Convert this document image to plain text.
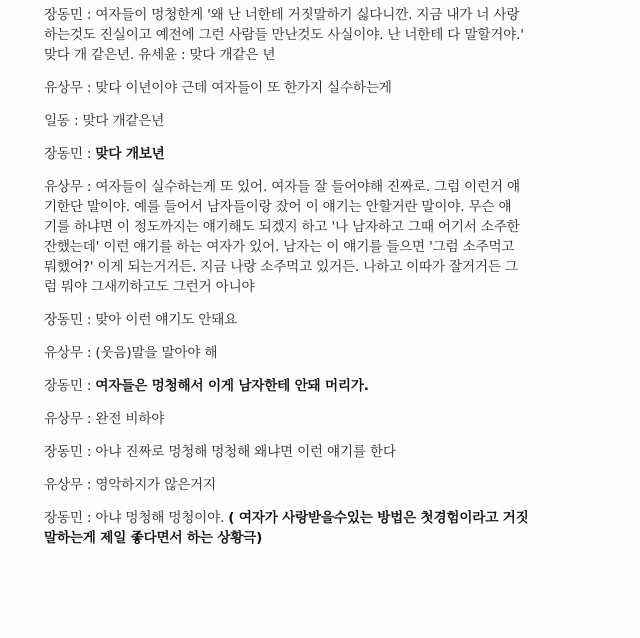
장동민 : 여자들이 멍청한게 '왜 난 너한테 거짓말하기 싫다니깐. 지금 내가 너 사랑
하는것도 진실이고 예전에 그런 사람들 만난것도 사실이야. 난 너한테 다 말할거야.'
맞다 개 같은년. 유세윤 : 맞다 개같은 년
유상무 : 맞다 이년이야 근데 여자들이 또 한가지 실수하는게
일동 : 맞다 개같은년
장동민 : 맞다 개보년
유상무 : 여자들이 실수하는게 또 있어. 여자들 잘 들어야해 진짜로. 그럼 이런거 얘
기한단 말이야. 예를 들어서 남자들이랑 잤어 이 얘기는 안할거란 말이야. 무슨 얘
기를 하냐면 이 정도까지는 얘기해도 되겠지 하고 '나 남자하고 그때 어기서 소주한
잔했는데' 이런 얘기를 하는 여자가 있어. 남자는 이 얘기를 들으면 '그럼 소주먹고
뭐했어?' 이게 되는거거든. 지금 나랑 소주먹고 있거든. 나하고 이따가 잘거거든 그
럼 뭐야 그새끼하고도 그런거 아니야
장동민 : 맞아 이런 얘기도 안돼요
유상무 : (웃음)말을 말아야 해
장동민 : 여자들은 멍청해서 이게 남자한테 안돼 머리가.
유상무 : 완전 비하야
장동민 : 아냐 진짜로 멍청해 멍청해 왜냐면 이런 얘기를 한다
유상무 : 영악하지가 않은거지
장동민 : 아냐 멍청해 멍청이야. ( 여자가 사랑받을수있는 방법은 첫경험이라고 거짓
말하는게 제일 좋다면서 하는 상황극)
